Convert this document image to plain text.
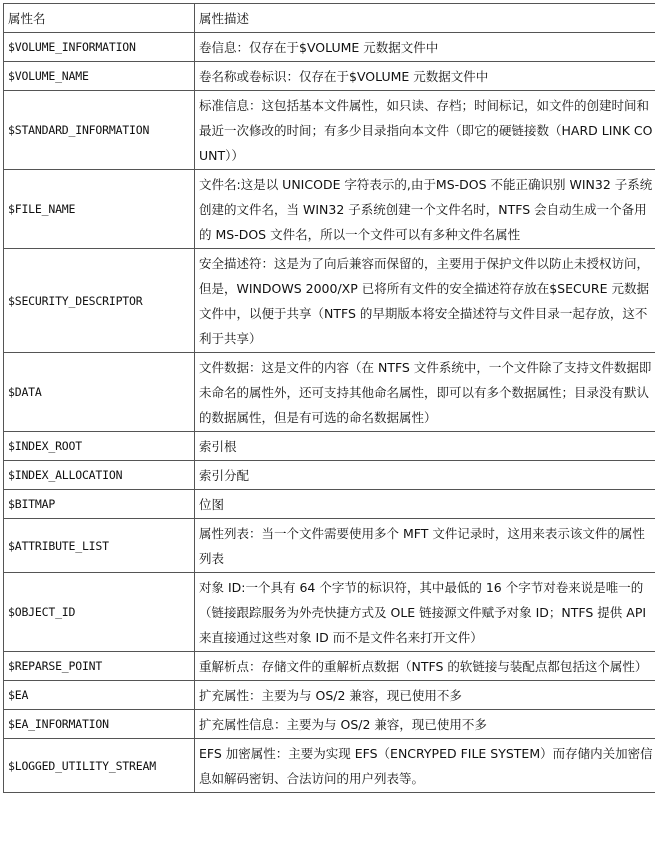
属性名	属性描述
$VOLUME_INFORMATION	卷信息：仅存在于$VOLUME 元数据文件中
$VOLUME_NAME	卷名称或卷标识：仅存在于$VOLUME 元数据文件中
$STANDARD_INFORMATION	标准信息：这包括基本文件属性，如只读、存档；时间标记，如文件的创建时间和最近一次修改的时间；有多少目录指向本文件（即它的硬链接数（HARD LINK COUNT））
$FILE_NAME	文件名:这是以 UNICODE 字符表示的,由于MS-DOS 不能正确识别 WIN32 子系统创建的文件名，当 WIN32 子系统创建一个文件名时，NTFS 会自动生成一个备用的 MS-DOS 文件名，所以一个文件可以有多种文件名属性
$SECURITY_DESCRIPTOR	安全描述符：这是为了向后兼容而保留的，主要用于保护文件以防止未授权访问，但是，WINDOWS 2000/XP 已将所有文件的安全描述符存放在$SECURE 元数据文件中，以便于共享（NTFS 的早期版本将安全描述符与文件目录一起存放，这不利于共享）
$DATA	文件数据：这是文件的内容（在 NTFS 文件系统中，一个文件除了支持文件数据即未命名的属性外，还可支持其他命名属性，即可以有多个数据属性；目录没有默认的数据属性，但是有可选的命名数据属性）
$INDEX_ROOT	索引根
$INDEX_ALLOCATION	索引分配
$BITMAP	位图
$ATTRIBUTE_LIST	属性列表：当一个文件需要使用多个 MFT 文件记录时，这用来表示该文件的属性列表
$OBJECT_ID	对象 ID:一个具有 64 个字节的标识符，其中最低的 16 个字节对卷来说是唯一的（链接跟踪服务为外壳快捷方式及 OLE 链接源文件赋予对象 ID；NTFS 提供 API 来直接通过这些对象 ID 而不是文件名来打开文件）
$REPARSE_POINT	重解析点：存储文件的重解析点数据（NTFS 的软链接与装配点都包括这个属性）
$EA	扩充属性：主要为与 OS/2 兼容，现已使用不多
$EA_INFORMATION	扩充属性信息：主要为与 OS/2 兼容，现已使用不多
$LOGGED_UTILITY_STREAM	EFS 加密属性：主要为实现 EFS（ENCRYPED FILE SYSTEM）而存储内关加密信息如解码密钥、合法访问的用户列表等。
